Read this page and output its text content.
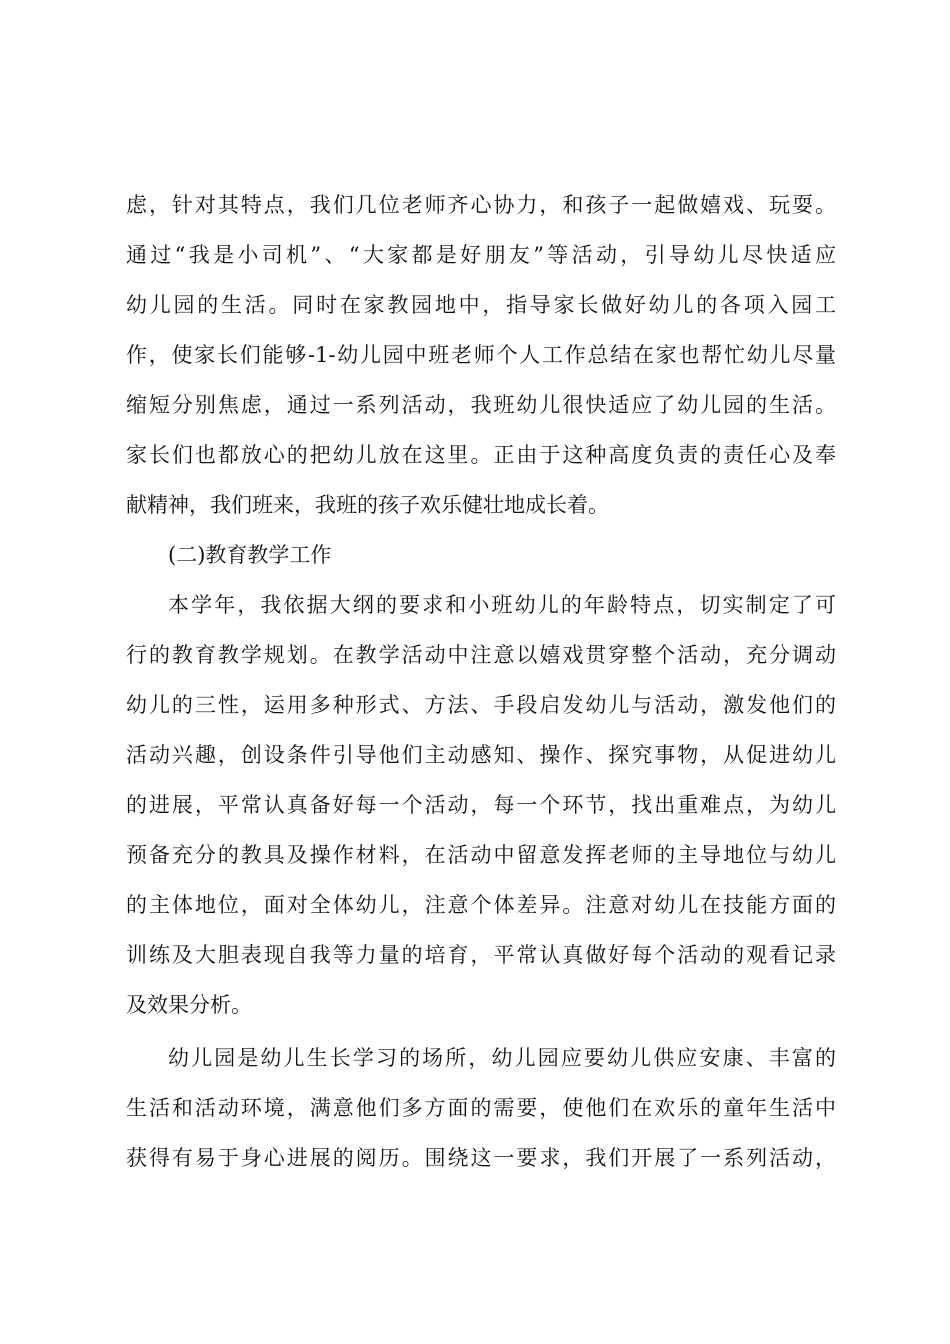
虑，针对其特点，我们几位老师齐心协力，和孩子一起做嬉戏、玩耍。
通过“我是小司机”、“大家都是好朋友”等活动，引导幼儿尽快适应
幼儿园的生活。同时在家教园地中，指导家长做好幼儿的各项入园工
作，使家长们能够-1-幼儿园中班老师个人工作总结在家也帮忙幼儿尽量
缩短分别焦虑，通过一系列活动，我班幼儿很快适应了幼儿园的生活。
家长们也都放心的把幼儿放在这里。正由于这种高度负责的责任心及奉
献精神，我们班来，我班的孩子欢乐健壮地成长着。
(二)教育教学工作
本学年，我依据大纲的要求和小班幼儿的年龄特点，切实制定了可
行的教育教学规划。在教学活动中注意以嬉戏贯穿整个活动，充分调动
幼儿的三性，运用多种形式、方法、手段启发幼儿与活动，激发他们的
活动兴趣，创设条件引导他们主动感知、操作、探究事物，从促进幼儿
的进展，平常认真备好每一个活动，每一个环节，找出重难点，为幼儿
预备充分的教具及操作材料，在活动中留意发挥老师的主导地位与幼儿
的主体地位，面对全体幼儿，注意个体差异。注意对幼儿在技能方面的
训练及大胆表现自我等力量的培育，平常认真做好每个活动的观看记录
及效果分析。
幼儿园是幼儿生长学习的场所，幼儿园应要幼儿供应安康、丰富的
生活和活动环境，满意他们多方面的需要，使他们在欢乐的童年生活中
获得有易于身心进展的阅历。围绕这一要求，我们开展了一系列活动，
